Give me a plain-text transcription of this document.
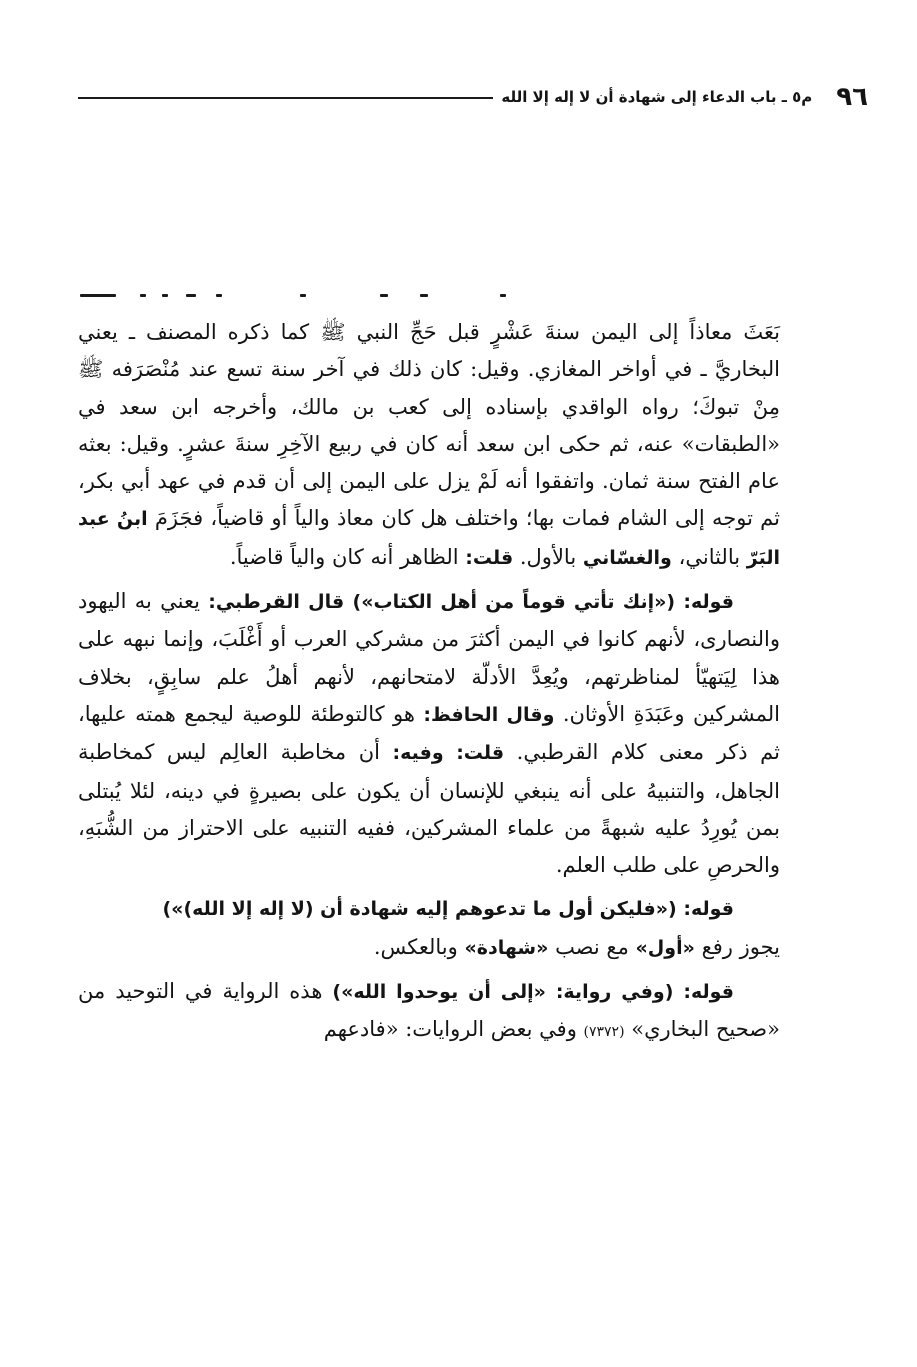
٩٦
م٥ ـ باب الدعاء إلى شهادة أن لا إله إلا الله

بَعَثَ معاذاً إلى اليمن سنةَ عَشْرٍ قبل حَجِّ النبي ﷺ كما ذكره المصنف ـ يعني البخاريَّ ـ في أواخر المغازي. وقيل: كان ذلك في آخر سنة تسع عند مُنْصَرَفه ﷺ مِنْ تبوكَ؛ رواه الواقدي بإسناده إلى كعب بن مالك، وأخرجه ابن سعد في «الطبقات» عنه، ثم حكى ابن سعد أنه كان في ربيع الآخِرِ سنةَ عشرٍ. وقيل: بعثه عام الفتح سنة ثمان. واتفقوا أنه لَمْ يزل على اليمن إلى أن قدم في عهد أبي بكر، ثم توجه إلى الشام فمات بها؛ واختلف هل كان معاذ والياً أو قاضياً، فجَزَمَ ابنُ عبد البَرّ بالثاني، والغسّاني بالأول. قلت: الظاهر أنه كان والياً قاضياً.

قوله: («إنك تأتي قوماً من أهل الكتاب») قال القرطبي: يعني به اليهود والنصارى، لأنهم كانوا في اليمن أكثرَ من مشركي العرب أو أَغْلَبَ، وإنما نبهه على هذا لِيَتهيّأ لمناظرتهم، ويُعِدَّ الأدلّة لامتحانهم، لأنهم أهلُ علم سابِقٍ، بخلاف المشركين وعَبَدَةِ الأوثان. وقال الحافظ: هو كالتوطئة للوصية ليجمع همته عليها، ثم ذكر معنى كلام القرطبي. قلت: وفيه: أن مخاطبة العالِم ليس كمخاطبة الجاهل، والتنبيهُ على أنه ينبغي للإنسان أن يكون على بصيرةٍ في دينه، لئلا يُبتلى بمن يُورِدُ عليه شبهةً من علماء المشركين، ففيه التنبيه على الاحتراز من الشُّبَهِ، والحرصِ على طلب العلم.

قوله: («فليكن أول ما تدعوهم إليه شهادة أن (لا إله إلا الله)»)
يجوز رفع «أول» مع نصب «شهادة» وبالعكس.

قوله: (وفي رواية: «إلى أن يوحدوا الله») هذه الرواية في التوحيد من «صحيح البخاري» (٧٣٧٢) وفي بعض الروايات: «فادعهم
